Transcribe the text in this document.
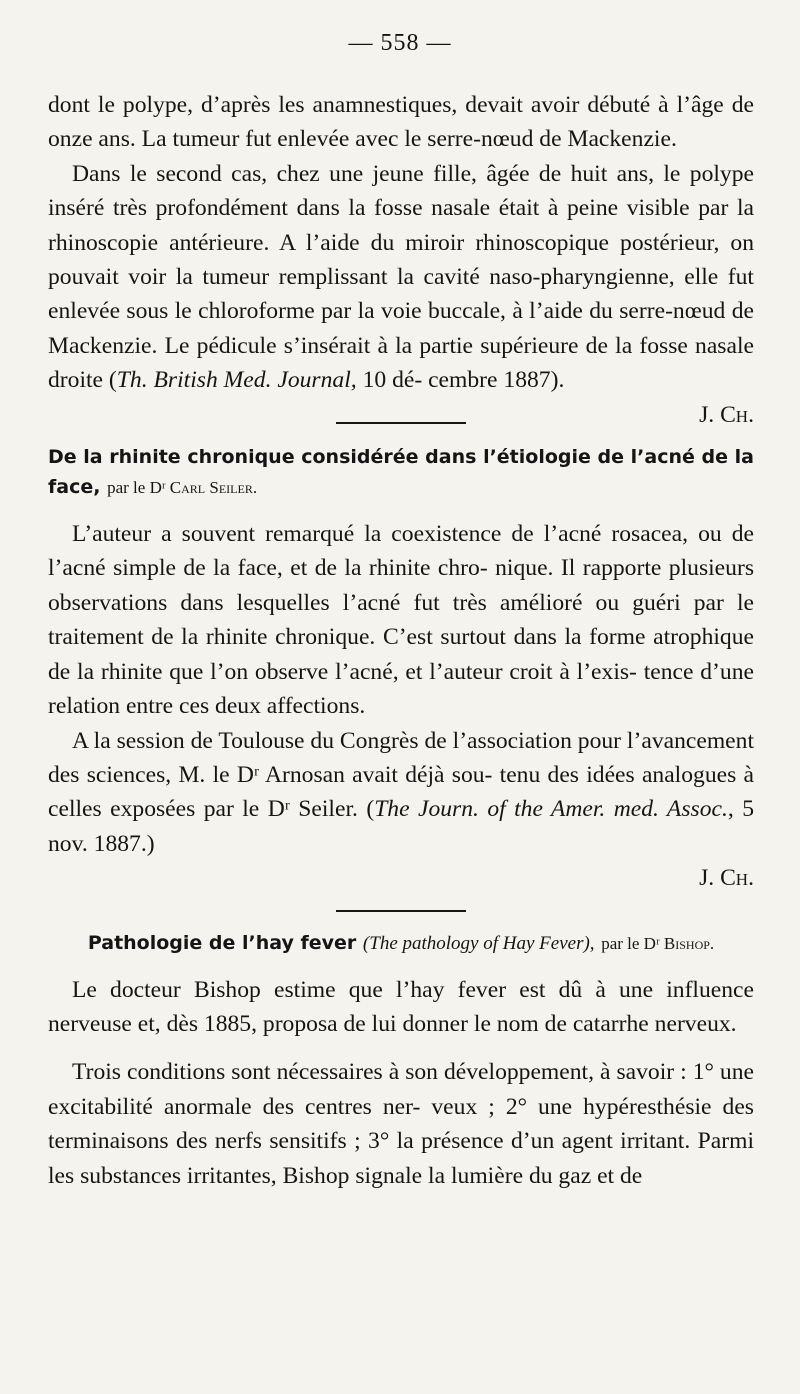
— 558 —

dont le polype, d’après les anamnestiques, devait avoir débuté à l’âge de onze ans. La tumeur fut enlevée avec le serre-nœud de Mackenzie.

Dans le second cas, chez une jeune fille, âgée de huit ans, le polype inséré très profondément dans la fosse nasale était à peine visible par la rhinoscopie antérieure. A l’aide du miroir rhinoscopique postérieur, on pouvait voir la tumeur remplissant la cavité naso-pharyngienne, elle fut enlevée sous le chloroforme par la voie buccale, à l’aide du serre-nœud de Mackenzie. Le pédicule s’insérait à la partie supérieure de la fosse nasale droite (Th. British Med. Journal, 10 dé- cembre 1887).

J. Ch.
De la rhinite chronique considérée dans l’étiologie de l’acné de la face, par le Dʳ Carl Seiler.

L’auteur a souvent remarqué la coexistence de l’acné rosacea, ou de l’acné simple de la face, et de la rhinite chro- nique. Il rapporte plusieurs observations dans lesquelles l’acné fut très amélioré ou guéri par le traitement de la rhinite chronique. C’est surtout dans la forme atrophique de la rhinite que l’on observe l’acné, et l’auteur croit à l’exis- tence d’une relation entre ces deux affections.

A la session de Toulouse du Congrès de l’association pour l’avancement des sciences, M. le Dʳ Arnosan avait déjà sou- tenu des idées analogues à celles exposées par le Dʳ Seiler. (The Journ. of the Amer. med. Assoc., 5 nov. 1887.)

J. Ch.
Pathologie de l’hay fever (The pathology of Hay Fever), par le Dʳ Bishop.

Le docteur Bishop estime que l’hay fever est dû à une influence nerveuse et, dès 1885, proposa de lui donner le nom de catarrhe nerveux.

Trois conditions sont nécessaires à son développement, à savoir : 1° une excitabilité anormale des centres ner- veux ; 2° une hypéresthésie des terminaisons des nerfs sensitifs ; 3° la présence d’un agent irritant. Parmi les substances irritantes, Bishop signale la lumière du gaz et de
